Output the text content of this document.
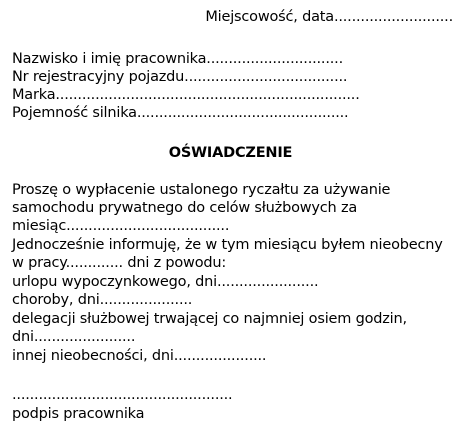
Miejscowość, data...........................
Nazwisko i imię pracownika...............................
Nr rejestracyjny pojazdu.....................................
Marka.....................................................................
Pojemność silnika................................................
OŚWIADCZENIE
Proszę o wypłacenie ustalonego ryczałtu za używanie
samochodu prywatnego do celów służbowych za
miesiąc.....................................
Jednocześnie informuję, że w tym miesiącu byłem nieobecny
w pracy............. dni z powodu:
urlopu wypoczynkowego, dni.......................
choroby, dni.....................
delegacji służbowej trwającej co najmniej osiem godzin,
dni.......................
innej nieobecności, dni.....................
..................................................
podpis pracownika
